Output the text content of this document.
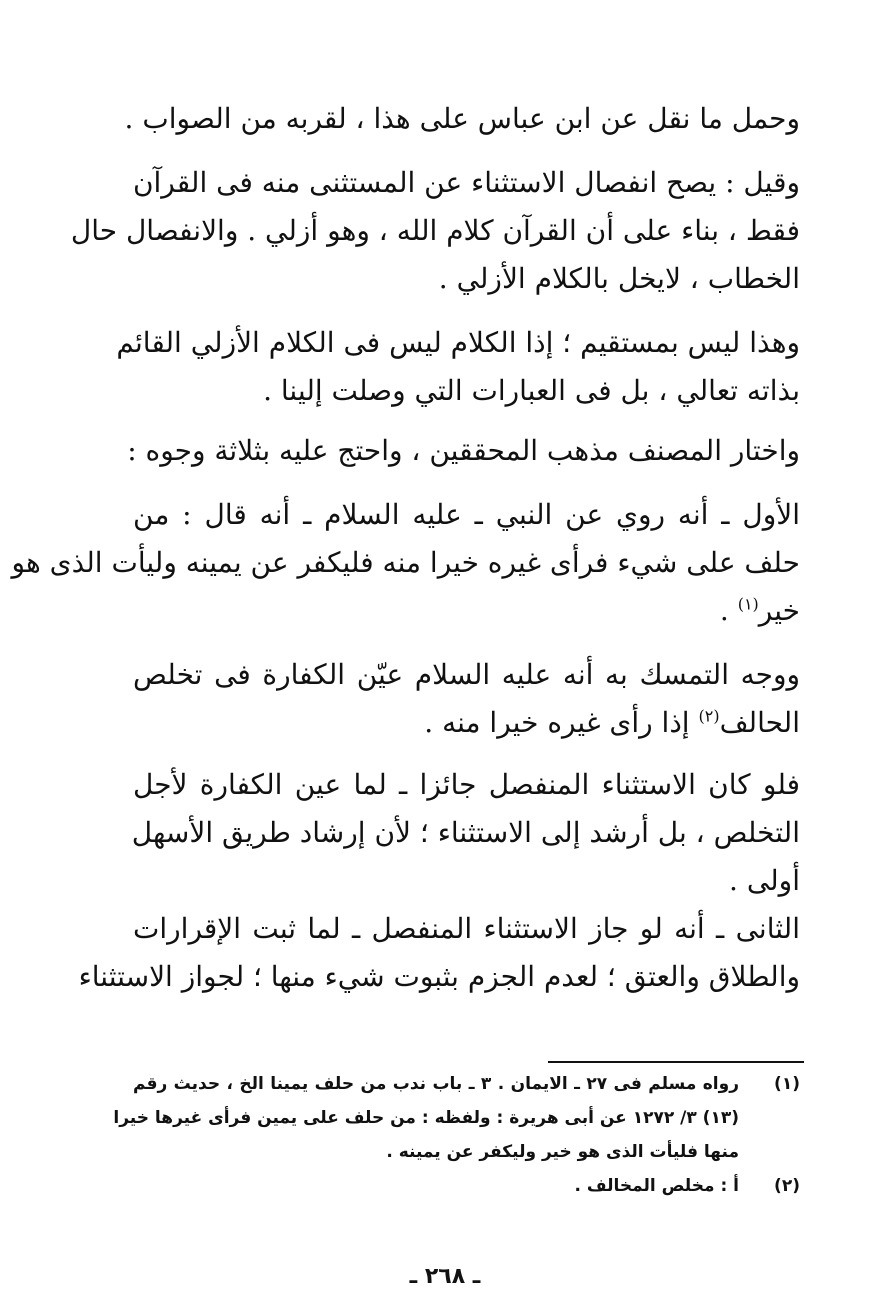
وحمل ما نقل عن ابن عباس على هذا ، لقربه من الصواب .
وقيل : يصح انفصال الاستثناء عن المستثنى منه فى القرآن
فقط ، بناء على أن القرآن كلام الله ، وهو أزلي . والانفصال حال
الخطاب ، لايخل بالكلام الأزلي .
وهذا ليس بمستقيم ؛ إذا الكلام ليس فى الكلام الأزلي القائم
بذاته تعالي ، بل فى العبارات التي وصلت إلينا .
واختار المصنف مذهب المحققين ، واحتج عليه بثلاثة وجوه :
الأول ـ أنه روي عن النبي ـ عليه السلام ـ أنه قال : من
حلف على شيء فرأى غيره خيرا منه فليكفر عن يمينه وليأت الذى هو
خير$^{(١)}$ .
ووجه التمسك به أنه عليه السلام عيّن الكفارة فى تخلص
الحالف$^{(٢)}$ إذا رأى غيره خيرا منه .
فلو كان الاستثناء المنفصل جائزا ـ لما عين الكفارة لأجل
التخلص ، بل أرشد إلى الاستثناء ؛ لأن إرشاد طريق الأسهل
أولى .
الثانى ـ أنه لو جاز الاستثناء المنفصل ـ لما ثبت الإقرارات
والطلاق والعتق ؛ لعدم الجزم بثبوت شيء منها ؛ لجواز الاستثناء
(١)
رواه مسلم فى ٢٧ ـ الايمان . ٣ ـ باب ندب من حلف يمينا الخ ، حديث رقم
(١٣) ٣/ ١٢٧٢ عن أبى هريرة : ولفظه : من حلف على يمين فرأى غيرها خيرا
منها فليأت الذى هو خير وليكفر عن يمينه .
(٢)
أ : مخلص المخالف .
ـ ٢٦٨ ـ
